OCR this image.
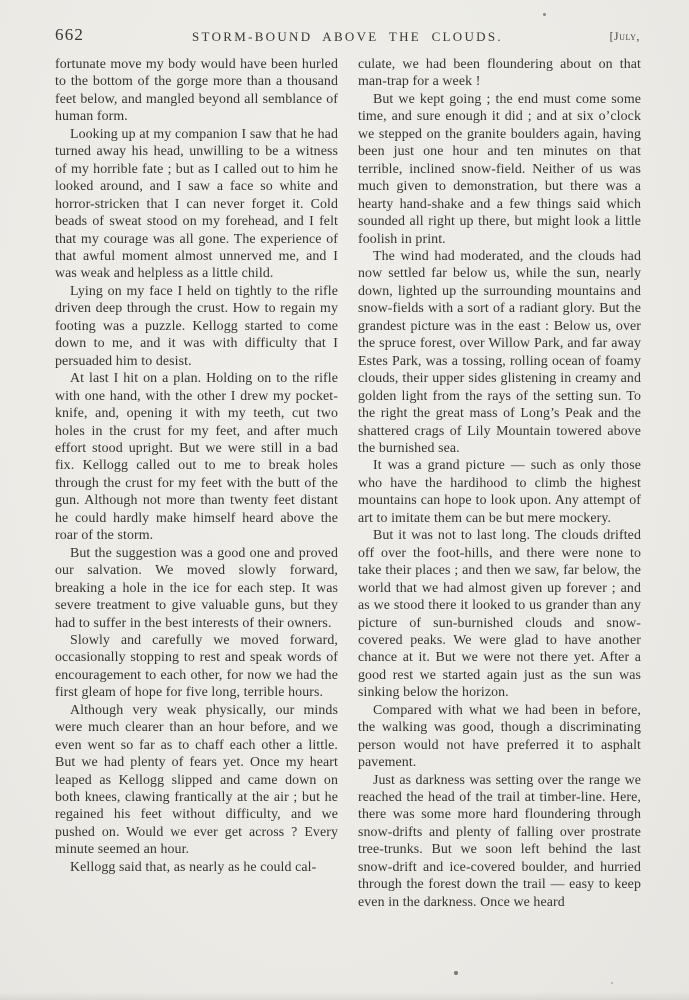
662	STORM-BOUND ABOVE THE CLOUDS.	[July,

fortunate move my body would have been hurled to the bottom of the gorge more than a thousand feet below, and mangled beyond all semblance of human form.

Looking up at my companion I saw that he had turned away his head, unwilling to be a witness of my horrible fate ; but as I called out to him he looked around, and I saw a face so white and horror-stricken that I can never forget it. Cold beads of sweat stood on my forehead, and I felt that my courage was all gone. The experience of that awful moment almost unnerved me, and I was weak and helpless as a little child.

Lying on my face I held on tightly to the rifle driven deep through the crust. How to regain my footing was a puzzle. Kellogg started to come down to me, and it was with difficulty that I persuaded him to desist.

At last I hit on a plan. Holding on to the rifle with one hand, with the other I drew my pocket-knife, and, opening it with my teeth, cut two holes in the crust for my feet, and after much effort stood upright. But we were still in a bad fix. Kellogg called out to me to break holes through the crust for my feet with the butt of the gun. Although not more than twenty feet distant he could hardly make himself heard above the roar of the storm.

But the suggestion was a good one and proved our salvation. We moved slowly forward, breaking a hole in the ice for each step. It was severe treatment to give valuable guns, but they had to suffer in the best interests of their owners.

Slowly and carefully we moved forward, occasionally stopping to rest and speak words of encouragement to each other, for now we had the first gleam of hope for five long, terrible hours.

Although very weak physically, our minds were much clearer than an hour before, and we even went so far as to chaff each other a little. But we had plenty of fears yet. Once my heart leaped as Kellogg slipped and came down on both knees, clawing frantically at the air ; but he regained his feet without difficulty, and we pushed on. Would we ever get across ? Every minute seemed an hour.

Kellogg said that, as nearly as he could cal-

culate, we had been floundering about on that man-trap for a week !

But we kept going ; the end must come some time, and sure enough it did ; and at six o’clock we stepped on the granite boulders again, having been just one hour and ten minutes on that terrible, inclined snow-field. Neither of us was much given to demonstration, but there was a hearty hand-shake and a few things said which sounded all right up there, but might look a little foolish in print.

The wind had moderated, and the clouds had now settled far below us, while the sun, nearly down, lighted up the surrounding mountains and snow-fields with a sort of a radiant glory. But the grandest picture was in the east : Below us, over the spruce forest, over Willow Park, and far away Estes Park, was a tossing, rolling ocean of foamy clouds, their upper sides glistening in creamy and golden light from the rays of the setting sun. To the right the great mass of Long’s Peak and the shattered crags of Lily Mountain towered above the burnished sea.

It was a grand picture — such as only those who have the hardihood to climb the highest mountains can hope to look upon. Any attempt of art to imitate them can be but mere mockery.

But it was not to last long. The clouds drifted off over the foot-hills, and there were none to take their places ; and then we saw, far below, the world that we had almost given up forever ; and as we stood there it looked to us grander than any picture of sun-burnished clouds and snow-covered peaks. We were glad to have another chance at it. But we were not there yet. After a good rest we started again just as the sun was sinking below the horizon.

Compared with what we had been in before, the walking was good, though a discriminating person would not have preferred it to asphalt pavement.

Just as darkness was setting over the range we reached the head of the trail at timber-line. Here, there was some more hard floundering through snow-drifts and plenty of falling over prostrate tree-trunks. But we soon left behind the last snow-drift and ice-covered boulder, and hurried through the forest down the trail — easy to keep even in the darkness. Once we heard
